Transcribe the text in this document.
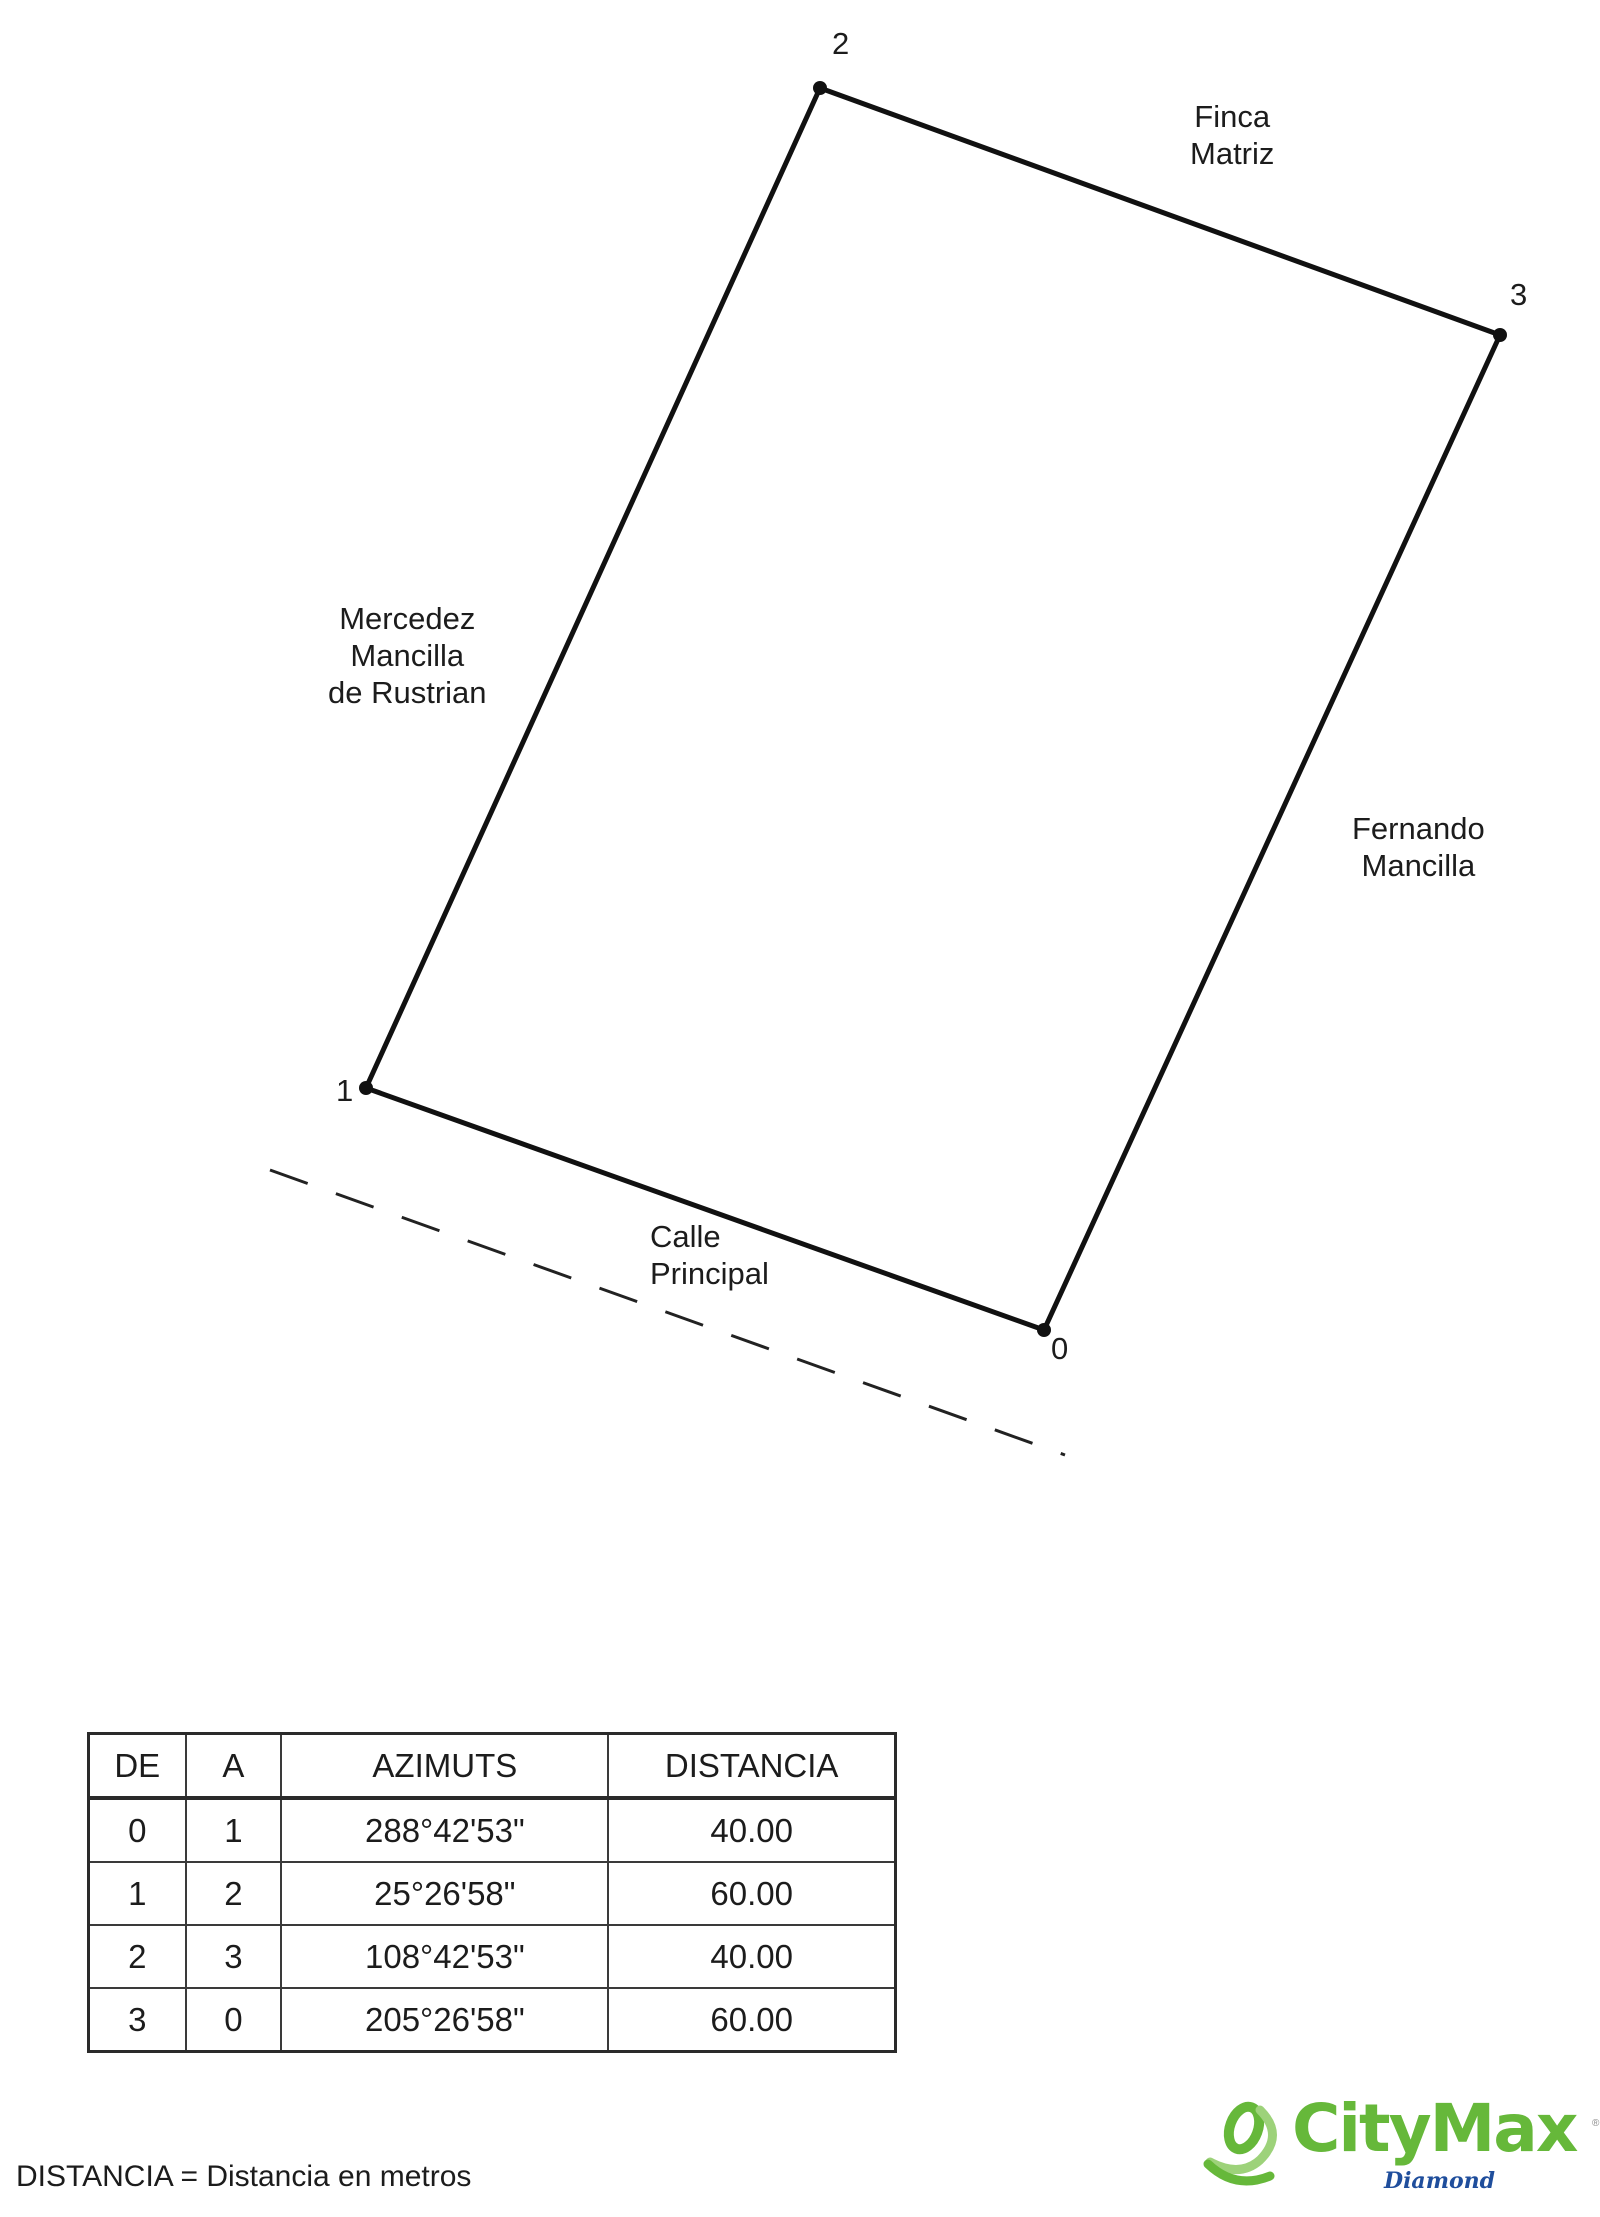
0
1
2
3
Finca
Matriz
Mercedez
Mancilla
de Rustrian
Fernando
Mancilla
Calle
Principal
DE	A	AZIMUTS	DISTANCIA
0	1	288°42'53"	40.00
1	2	25°26'58"	60.00
2	3	108°42'53"	40.00
3	0	205°26'58"	60.00
DISTANCIA = Distancia en metros
CityMax ®
Diamond
